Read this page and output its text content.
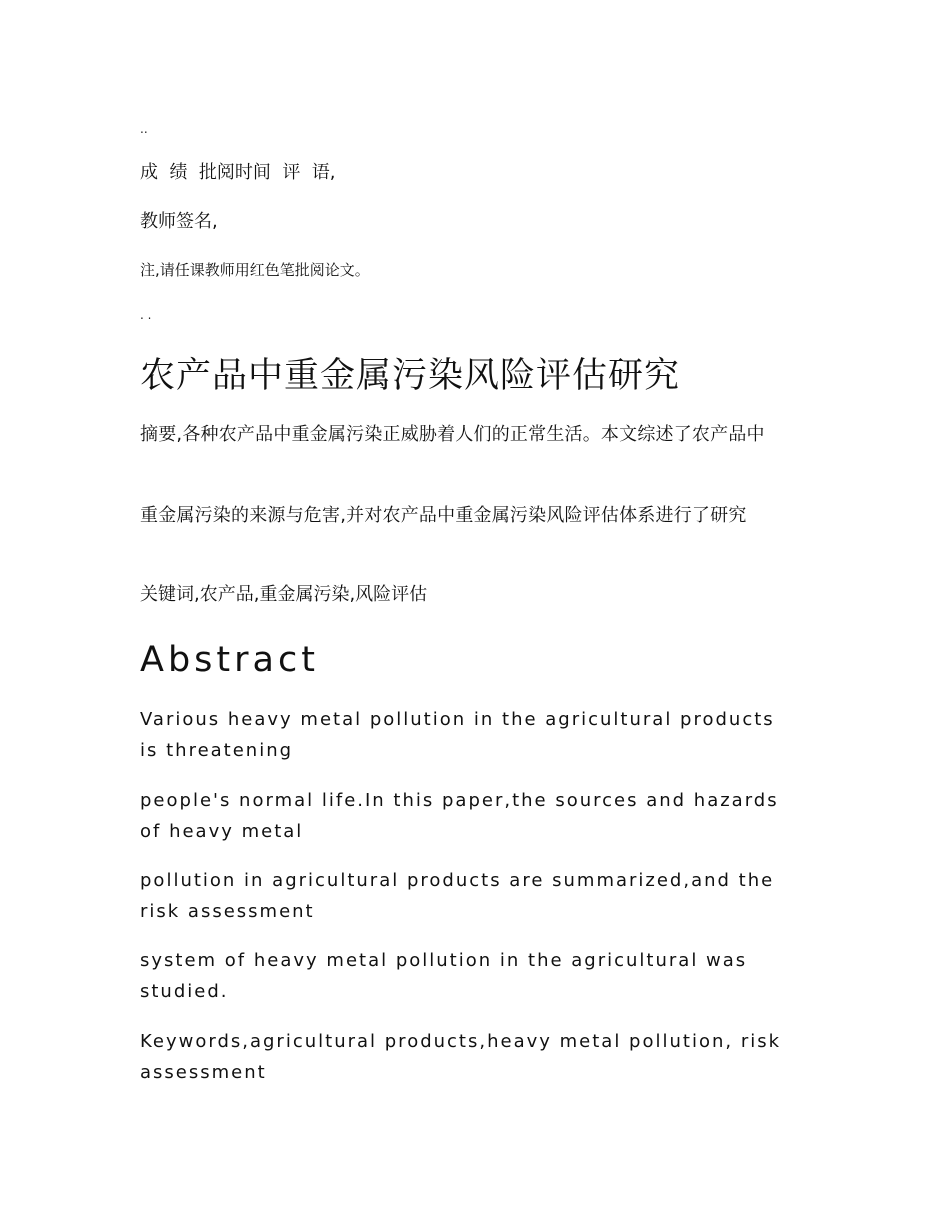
..
成  绩  批阅时间  评  语,
教师签名,
注,请任课教师用红色笔批阅论文。
. .
农产品中重金属污染风险评估研究
摘要,各种农产品中重金属污染正威胁着人们的正常生活。本文综述了农产品中
重金属污染的来源与危害,并对农产品中重金属污染风险评估体系进行了研究
关键词,农产品,重金属污染,风险评估
Abstract
Various heavy metal pollution in the agricultural products is threatening
people's normal life.In this paper,the sources and hazards of heavy metal
pollution in agricultural products are summarized,and the risk assessment
system of heavy metal pollution in the agricultural was studied.
Keywords,agricultural products,heavy metal pollution, risk assessment
